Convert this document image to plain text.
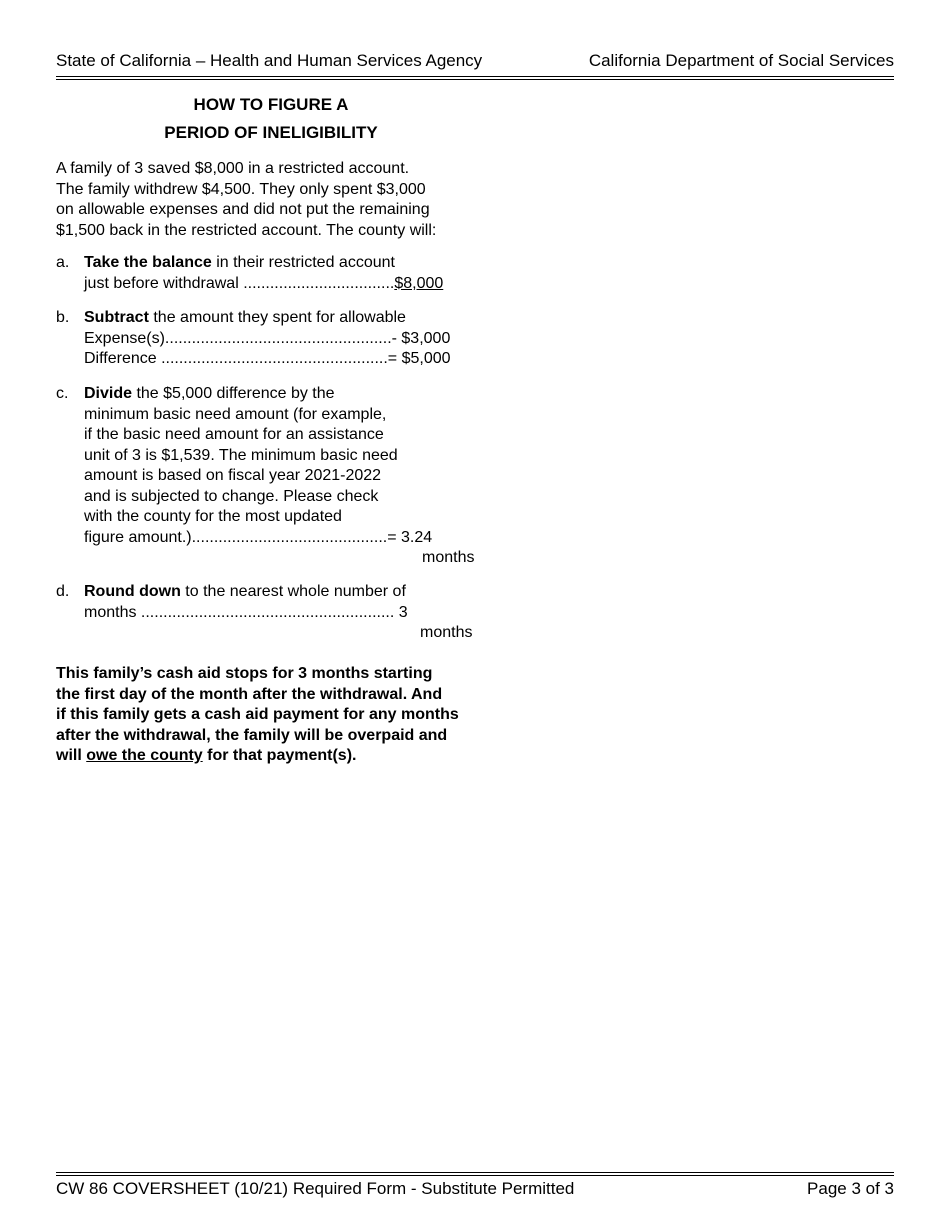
State of California – Health and Human Services Agency	California Department of Social Services
HOW TO FIGURE A
PERIOD OF INELIGIBILITY
A family of 3 saved $8,000 in a restricted account.
The family withdrew $4,500. They only spent $3,000
on allowable expenses and did not put the remaining
$1,500 back in the restricted account. The county will:
a. Take the balance in their restricted account
just before withdrawal ..................................$8,000
b. Subtract the amount they spent for allowable
Expense(s)...................................................- $3,000
Difference ...................................................= $5,000
c. Divide the $5,000 difference by the
minimum basic need amount (for example,
if the basic need amount for an assistance
unit of 3 is $1,539. The minimum basic need
amount is based on fiscal year 2021-2022
and is subjected to change. Please check
with the county for the most updated
figure amount.)............................................= 3.24
months
d. Round down to the nearest whole number of
months ......................................................... 3
months
This family’s cash aid stops for 3 months starting
the first day of the month after the withdrawal. And
if this family gets a cash aid payment for any months
after the withdrawal, the family will be overpaid and
will owe the county for that payment(s).
CW 86 COVERSHEET (10/21) Required Form - Substitute Permitted	Page 3 of 3
